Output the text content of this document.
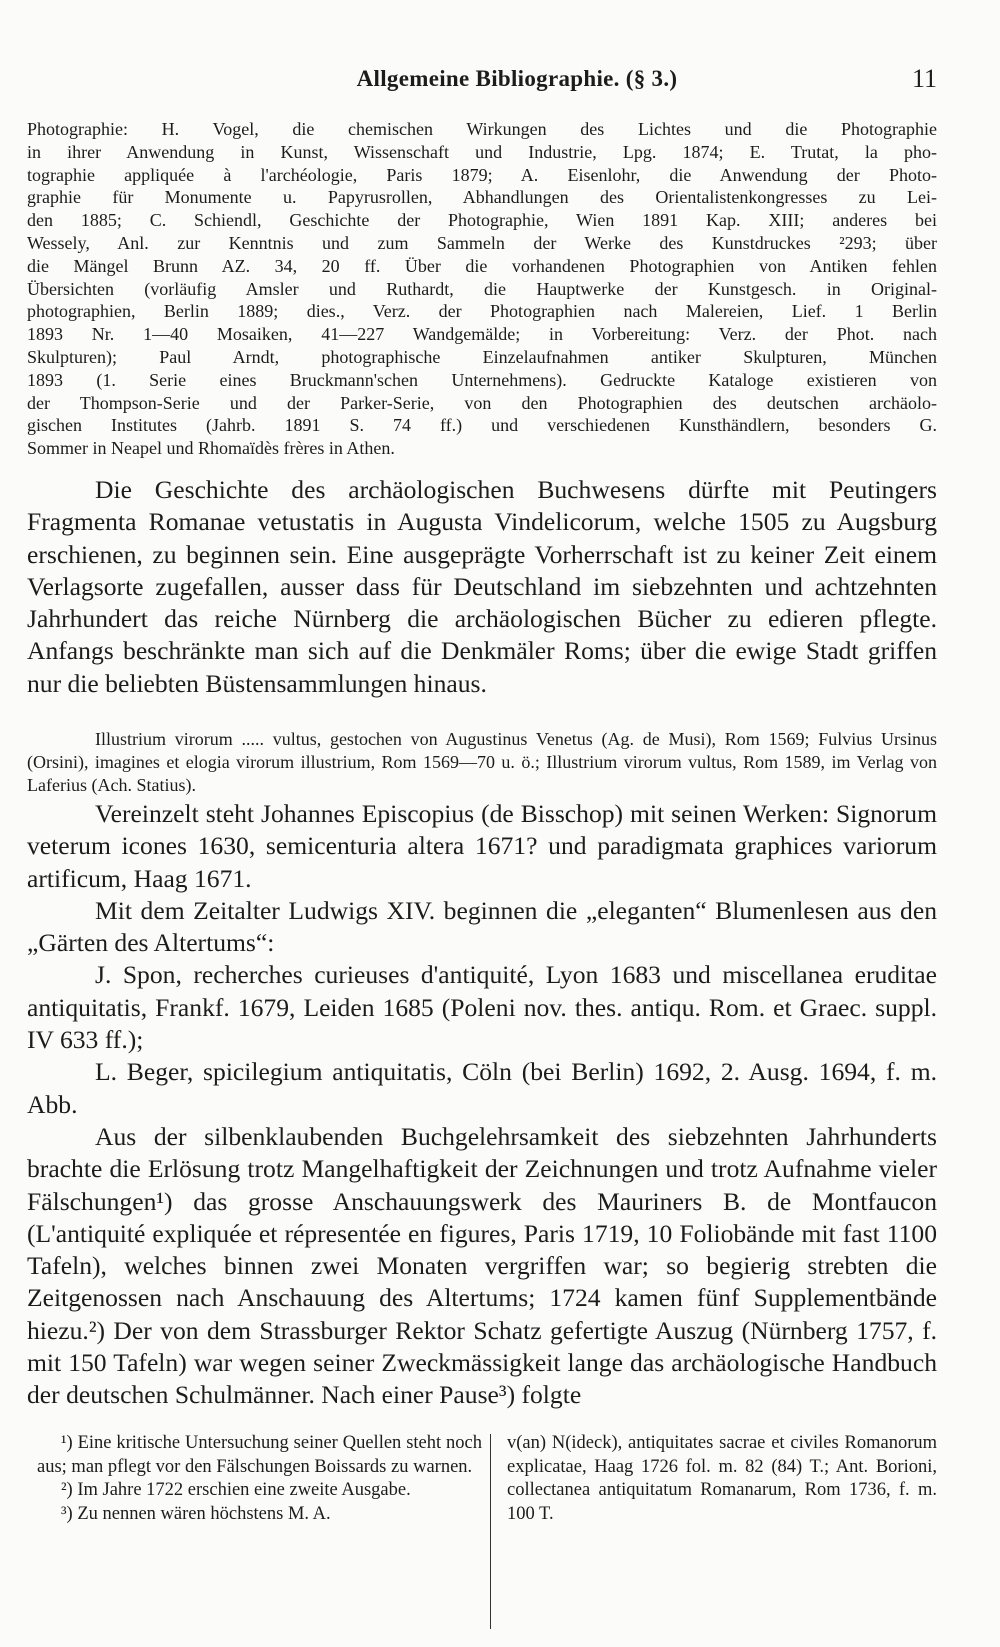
Allgemeine Bibliographie. (§ 3.)	11
Photographie: H. Vogel, die chemischen Wirkungen des Lichtes und die Photographie
in ihrer Anwendung in Kunst, Wissenschaft und Industrie, Lpg. 1874; E. Trutat, la pho-
tographie appliquée à l'archéologie, Paris 1879; A. Eisenlohr, die Anwendung der Photo-
graphie für Monumente u. Papyrusrollen, Abhandlungen des Orientalistenkongresses zu Lei-
den 1885; C. Schiendl, Geschichte der Photographie, Wien 1891 Kap. XIII; anderes bei
Wessely, Anl. zur Kenntnis und zum Sammeln der Werke des Kunstdruckes ²293; über
die Mängel Brunn AZ. 34, 20 ff. Über die vorhandenen Photographien von Antiken fehlen
Übersichten (vorläufig Amsler und Ruthardt, die Hauptwerke der Kunstgesch. in Original-
photographien, Berlin 1889; dies., Verz. der Photographien nach Malereien, Lief. 1 Berlin
1893 Nr. 1—40 Mosaiken, 41—227 Wandgemälde; in Vorbereitung: Verz. der Phot. nach
Skulpturen); Paul Arndt, photographische Einzelaufnahmen antiker Skulpturen, München
1893 (1. Serie eines Bruckmann'schen Unternehmens). Gedruckte Kataloge existieren von
der Thompson-Serie und der Parker-Serie, von den Photographien des deutschen archäolo-
gischen Institutes (Jahrb. 1891 S. 74 ff.) und verschiedenen Kunsthändlern, besonders G.
Sommer in Neapel und Rhomaïdès frères in Athen.

Die Geschichte des archäologischen Buchwesens dürfte mit Peutingers Fragmenta Romanae vetustatis in Augusta Vindelicorum, welche 1505 zu Augsburg erschienen, zu beginnen sein. Eine ausgeprägte Vorherrschaft ist zu keiner Zeit einem Verlagsorte zugefallen, ausser dass für Deutschland im siebzehnten und achtzehnten Jahrhundert das reiche Nürnberg die archäologischen Bücher zu edieren pflegte. Anfangs beschränkte man sich auf die Denkmäler Roms; über die ewige Stadt griffen nur die beliebten Büstensammlungen hinaus.

Illustrium virorum ..... vultus, gestochen von Augustinus Venetus (Ag. de Musi), Rom 1569; Fulvius Ursinus (Orsini), imagines et elogia virorum illustrium, Rom 1569—70 u. ö.; Illustrium virorum vultus, Rom 1589, im Verlag von Laferius (Ach. Statius).

Vereinzelt steht Johannes Episcopius (de Bisschop) mit seinen Werken: Signorum veterum icones 1630, semicenturia altera 1671? und paradigmata graphices variorum artificum, Haag 1671.

Mit dem Zeitalter Ludwigs XIV. beginnen die „eleganten“ Blumenlesen aus den „Gärten des Altertums“:

J. Spon, recherches curieuses d'antiquité, Lyon 1683 und miscellanea eruditae antiquitatis, Frankf. 1679, Leiden 1685 (Poleni nov. thes. antiqu. Rom. et Graec. suppl. IV 633 ff.);

L. Beger, spicilegium antiquitatis, Cöln (bei Berlin) 1692, 2. Ausg. 1694, f. m. Abb.

Aus der silbenklaubenden Buchgelehrsamkeit des siebzehnten Jahrhunderts brachte die Erlösung trotz Mangelhaftigkeit der Zeichnungen und trotz Aufnahme vieler Fälschungen¹) das grosse Anschauungswerk des Mauriners B. de Montfaucon (L'antiquité expliquée et répresentée en figures, Paris 1719, 10 Foliobände mit fast 1100 Tafeln), welches binnen zwei Monaten vergriffen war; so begierig strebten die Zeitgenossen nach Anschauung des Altertums; 1724 kamen fünf Supplementbände hiezu.²) Der von dem Strassburger Rektor Schatz gefertigte Auszug (Nürnberg 1757, f. mit 150 Tafeln) war wegen seiner Zweckmässigkeit lange das archäologische Handbuch der deutschen Schulmänner. Nach einer Pause³) folgte

¹) Eine kritische Untersuchung seiner Quellen steht noch aus; man pflegt vor den Fälschungen Boissards zu warnen.

²) Im Jahre 1722 erschien eine zweite Ausgabe.

³) Zu nennen wären höchstens M. A.

v(an) N(ideck), antiquitates sacrae et civiles Romanorum explicatae, Haag 1726 fol. m. 82 (84) T.; Ant. Borioni, collectanea antiquitatum Romanarum, Rom 1736, f. m. 100 T.
